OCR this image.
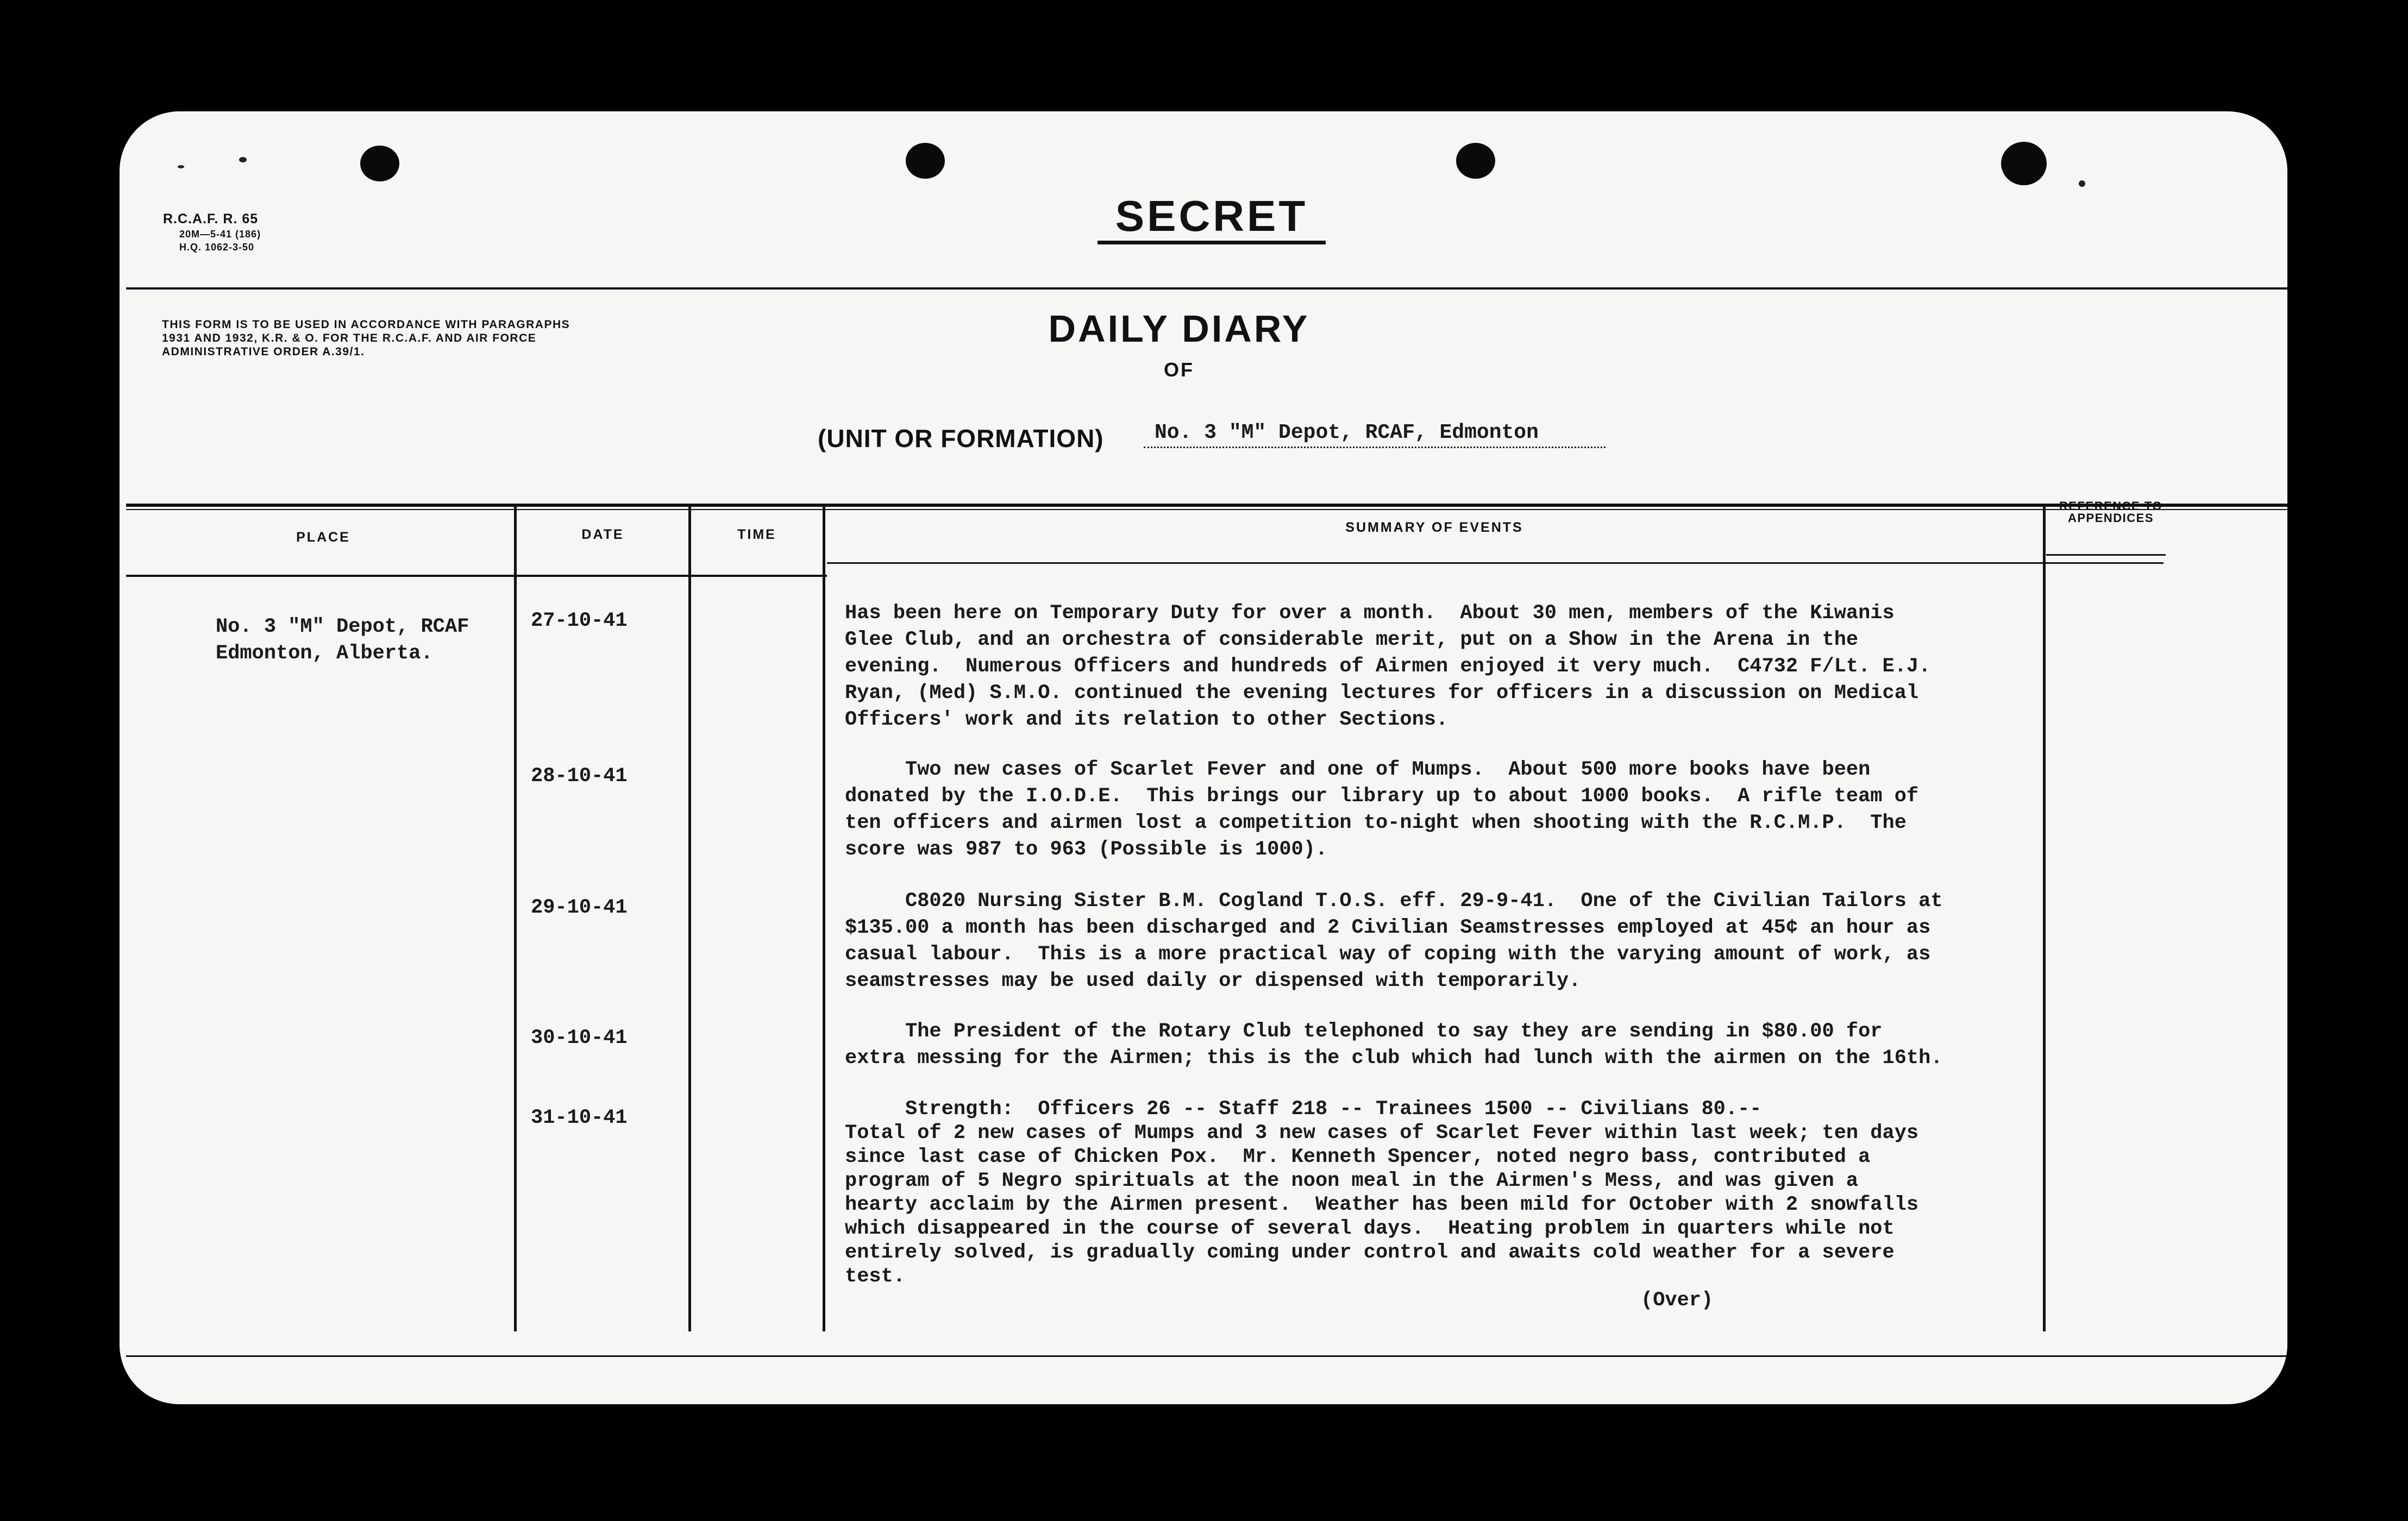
R.C.A.F. R. 65
20M—5-41 (186)
H.Q. 1062-3-50
SECRET
THIS FORM IS TO BE USED IN ACCORDANCE WITH PARAGRAPHS 1931 AND 1932, K.R. & O. FOR THE R.C.A.F. AND AIR FORCE ADMINISTRATIVE ORDER A.39/1.
DAILY DIARY
OF
(UNIT OR FORMATION)	No. 3 "M" Depot, RCAF, Edmonton
PLACE	DATE	TIME	SUMMARY OF EVENTS
REFERENCE TO APPENDICES
No. 3 "M" Depot, RCAF
Edmonton, Alberta.
27-10-41	Has been here on Temporary Duty for over a month.  About 30 men, members of the Kiwanis
Glee Club, and an orchestra of considerable merit, put on a Show in the Arena in the
evening.  Numerous Officers and hundreds of Airmen enjoyed it very much.  C4732 F/Lt. E.J.
Ryan, (Med) S.M.O. continued the evening lectures for officers in a discussion on Medical
Officers' work and its relation to other Sections.
28-10-41	Two new cases of Scarlet Fever and one of Mumps.  About 500 more books have been
donated by the I.O.D.E.  This brings our library up to about 1000 books.  A rifle team of
ten officers and airmen lost a competition to-night when shooting with the R.C.M.P.  The
score was 987 to 963 (Possible is 1000).
29-10-41	C8020 Nursing Sister B.M. Cogland T.O.S. eff. 29-9-41.  One of the Civilian Tailors at
$135.00 a month has been discharged and 2 Civilian Seamstresses employed at 45¢ an hour as
casual labour.  This is a more practical way of coping with the varying amount of work, as
seamstresses may be used daily or dispensed with temporarily.
30-10-41	The President of the Rotary Club telephoned to say they are sending in $80.00 for
extra messing for the Airmen; this is the club which had lunch with the airmen on the 16th.
31-10-41	Strength:  Officers 26 -- Staff 218 -- Trainees 1500 -- Civilians 80.--
Total of 2 new cases of Mumps and 3 new cases of Scarlet Fever within last week; ten days
since last case of Chicken Pox.  Mr. Kenneth Spencer, noted negro bass, contributed a
program of 5 Negro spirituals at the noon meal in the Airmen's Mess, and was given a
hearty acclaim by the Airmen present.  Weather has been mild for October with 2 snowfalls
which disappeared in the course of several days.  Heating problem in quarters while not
entirely solved, is gradually coming under control and awaits cold weather for a severe
test.
(Over)
